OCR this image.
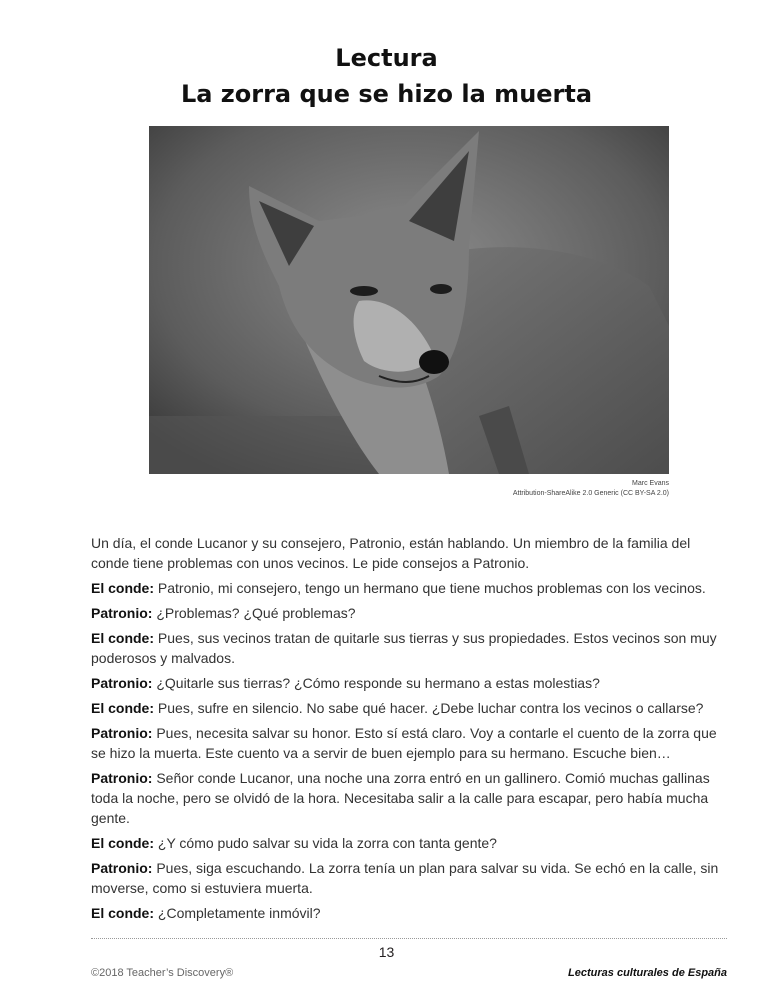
Lectura
La zorra que se hizo la muerta
Marc Evans
Attribution-ShareAlike 2.0 Generic (CC BY-SA 2.0)

Un día, el conde Lucanor y su consejero, Patronio, están hablando. Un miembro de la familia del conde tiene problemas con unos vecinos. Le pide consejos a Patronio.

El conde: Patronio, mi consejero, tengo un hermano que tiene muchos problemas con los vecinos.

Patronio: ¿Problemas? ¿Qué problemas?

El conde: Pues, sus vecinos tratan de quitarle sus tierras y sus propiedades. Estos vecinos son muy poderosos y malvados.

Patronio: ¿Quitarle sus tierras? ¿Cómo responde su hermano a estas molestias?

El conde: Pues, sufre en silencio. No sabe qué hacer. ¿Debe luchar contra los vecinos o callarse?

Patronio: Pues, necesita salvar su honor. Esto sí está claro. Voy a contarle el cuento de la zorra que se hizo la muerta. Este cuento va a servir de buen ejemplo para su hermano. Escuche bien…

Patronio: Señor conde Lucanor, una noche una zorra entró en un gallinero. Comió muchas gallinas toda la noche, pero se olvidó de la hora. Necesitaba salir a la calle para escapar, pero había mucha gente.

El conde: ¿Y cómo pudo salvar su vida la zorra con tanta gente?

Patronio: Pues, siga escuchando. La zorra tenía un plan para salvar su vida. Se echó en la calle, sin moverse, como si estuviera muerta.

El conde: ¿Completamente inmóvil?

13
©2018 Teacher’s Discovery®	Lecturas culturales de España
